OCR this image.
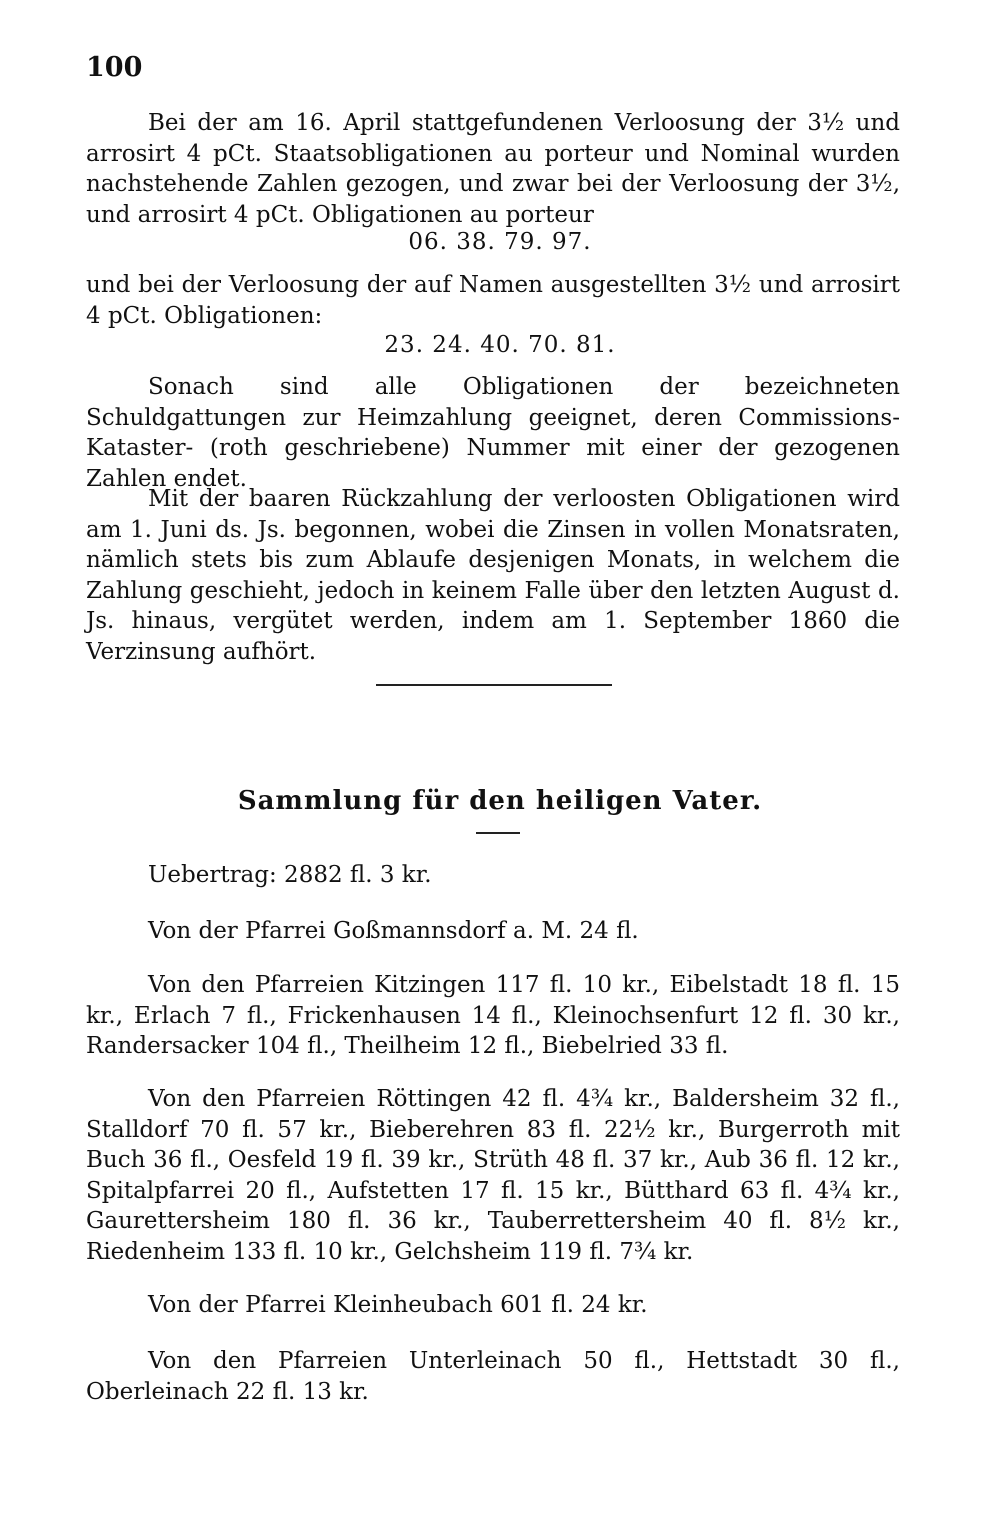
100
Bei der am 16. April stattgefundenen Verloosung der 3½ und arrosirt 4 pCt. Staatsobligationen au porteur und Nominal wurden nachstehende Zahlen gezogen, und zwar bei der Verloosung der 3½, und arrosirt 4 pCt. Obligationen au porteur
06. 38. 79. 97.
und bei der Verloosung der auf Namen ausgestellten 3½ und arrosirt 4 pCt. Obligationen:
23. 24. 40. 70. 81.
Sonach sind alle Obligationen der bezeichneten Schuldgattungen zur Heimzahlung geeignet, deren Commissions-Kataster- (roth geschriebene) Nummer mit einer der gezogenen Zahlen endet.
Mit der baaren Rückzahlung der verloosten Obligationen wird am 1. Juni ds. Js. begonnen, wobei die Zinsen in vollen Monatsraten, nämlich stets bis zum Ablaufe desjenigen Monats, in welchem die Zahlung geschieht, jedoch in keinem Falle über den letzten August d. Js. hinaus, vergütet werden, indem am 1. September 1860 die Verzinsung aufhört.
Sammlung für den heiligen Vater.
Uebertrag: 2882 fl. 3 kr.
Von der Pfarrei Goßmannsdorf a. M. 24 fl.
Von den Pfarreien Kitzingen 117 fl. 10 kr., Eibelstadt 18 fl. 15 kr., Erlach 7 fl., Frickenhausen 14 fl., Kleinochsenfurt 12 fl. 30 kr., Randersacker 104 fl., Theilheim 12 fl., Biebelried 33 fl.
Von den Pfarreien Röttingen 42 fl. 4¾ kr., Baldersheim 32 fl., Stalldorf 70 fl. 57 kr., Bieberehren 83 fl. 22½ kr., Burgerroth mit Buch 36 fl., Oesfeld 19 fl. 39 kr., Strüth 48 fl. 37 kr., Aub 36 fl. 12 kr., Spitalpfarrei 20 fl., Aufstetten 17 fl. 15 kr., Bütthard 63 fl. 4¾ kr., Gaurettersheim 180 fl. 36 kr., Tauberrettersheim 40 fl. 8½ kr., Riedenheim 133 fl. 10 kr., Gelchsheim 119 fl. 7¾ kr.
Von der Pfarrei Kleinheubach 601 fl. 24 kr.
Von den Pfarreien Unterleinach 50 fl., Hettstadt 30 fl., Oberleinach 22 fl. 13 kr.
